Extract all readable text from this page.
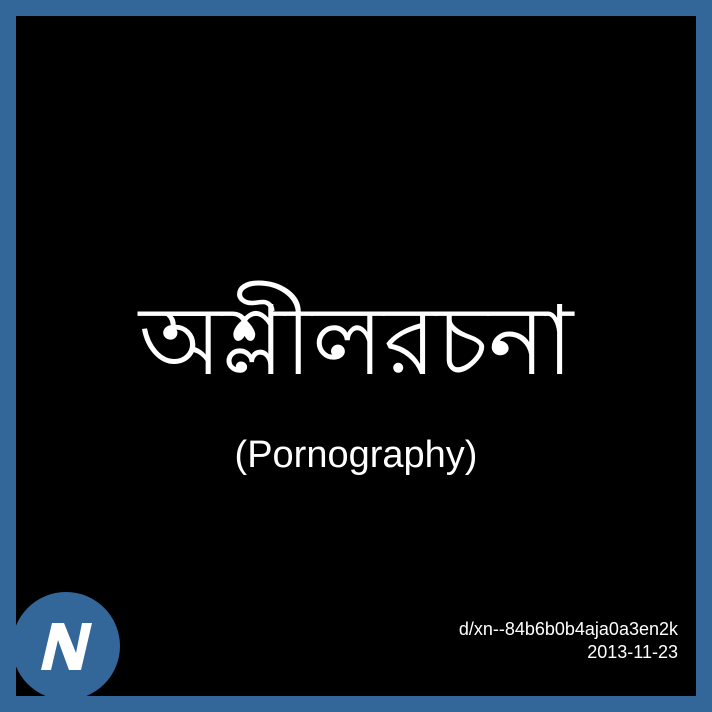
অশ্লীলরচনা
(Pornography)
d/xn--84b6b0b4aja0a3en2k
2013-11-23
